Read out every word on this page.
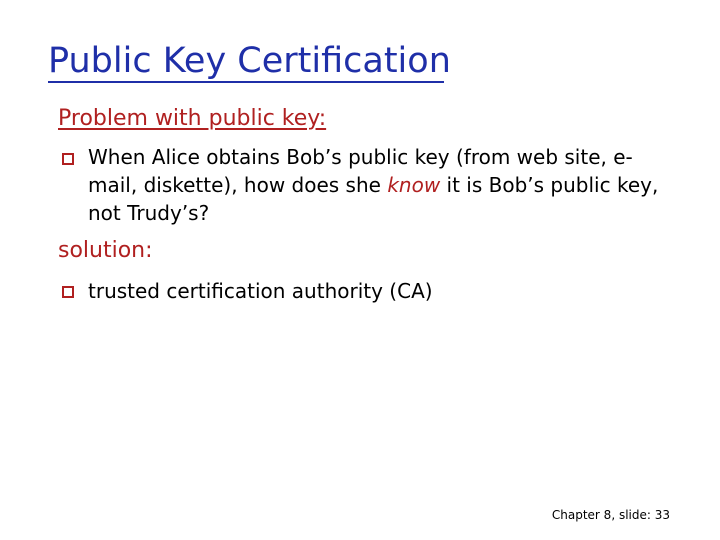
Public Key Certification
Problem with public key:
When Alice obtains Bob’s public key (from web site, e-mail, diskette), how does she know it is Bob’s public key, not Trudy’s?
solution:
trusted certification authority (CA)
Chapter 8, slide: 33
